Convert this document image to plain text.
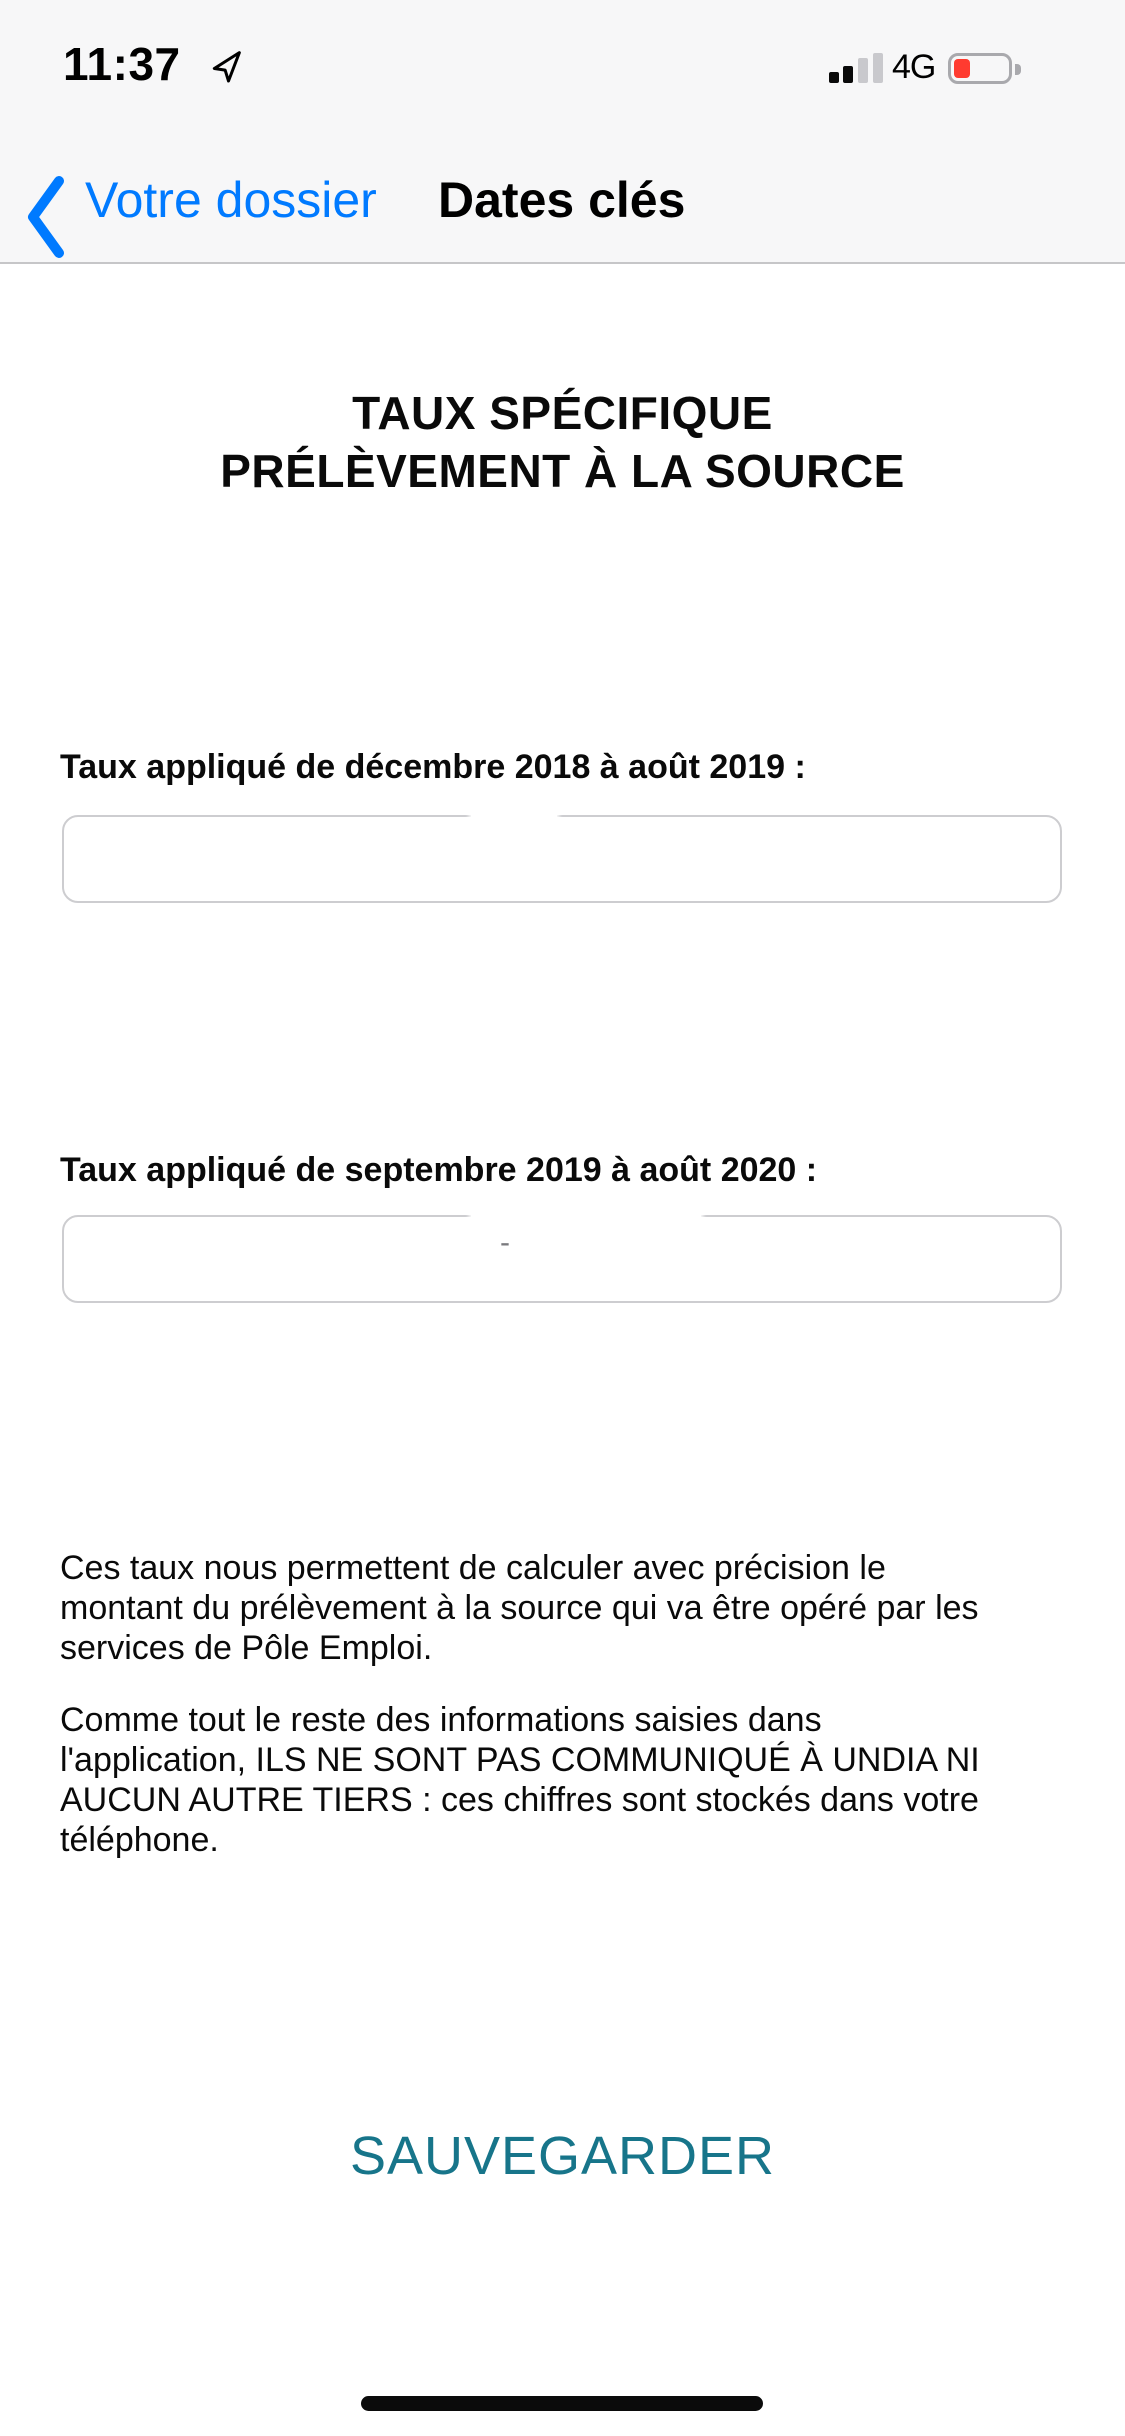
11:37	4G
Votre dossier Dates clés
TAUX SPÉCIFIQUE
PRÉLÈVEMENT À LA SOURCE
Taux appliqué de décembre 2018 à août 2019 :
Taux appliqué de septembre 2019 à août 2020 :
-
Ces taux nous permettent de calculer avec précision le
montant du prélèvement à la source qui va être opéré par les
services de Pôle Emploi.
Comme tout le reste des informations saisies dans
l'application, ILS NE SONT PAS COMMUNIQUÉ À UNDIA NI
AUCUN AUTRE TIERS : ces chiffres sont stockés dans votre
téléphone.
SAUVEGARDER
